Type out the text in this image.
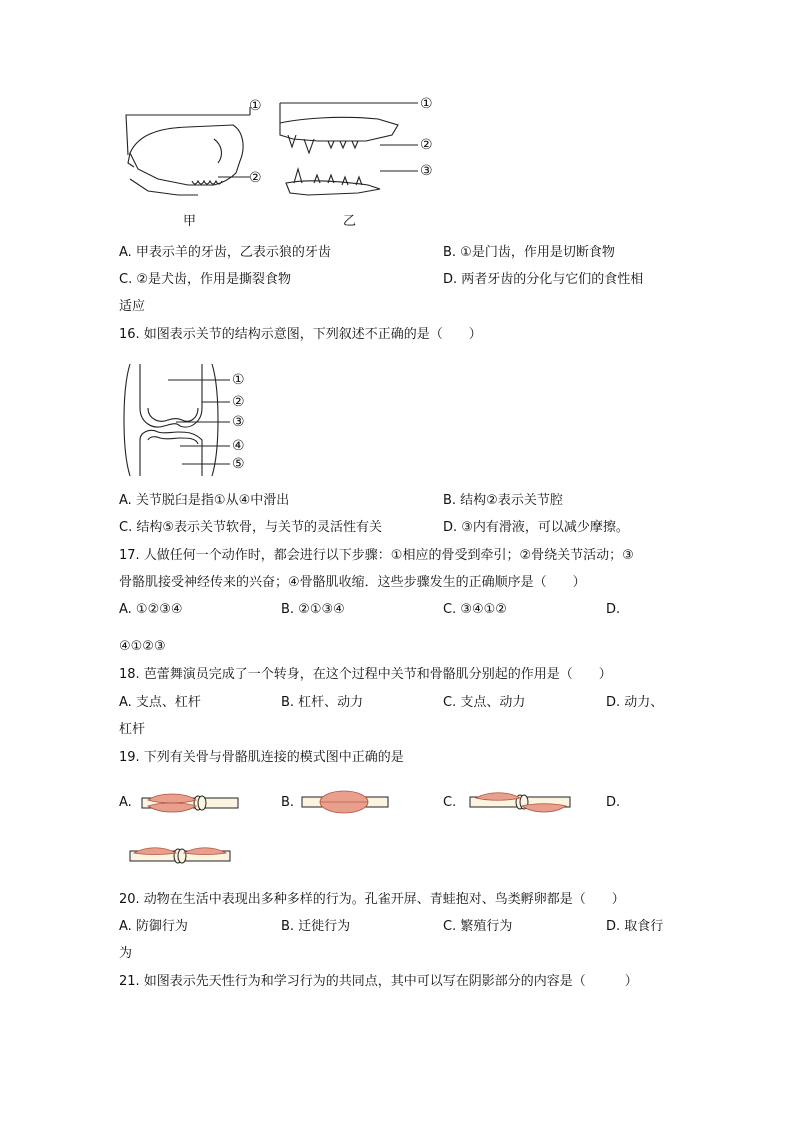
①
②
①
②
③
甲	乙
A. 甲表示羊的牙齿，乙表示狼的牙齿	B. ①是门齿，作用是切断食物
C. ②是犬齿，作用是撕裂食物	D. 两者牙齿的分化与它们的食性相
适应
16. 如图表示关节的结构示意图，下列叙述不正确的是（　　）
①
②
③
④
⑤
A. 关节脱臼是指①从④中滑出	B. 结构②表示关节腔
C. 结构⑤表示关节软骨，与关节的灵活性有关	D. ③内有滑液，可以减少摩擦。
17. 人做任何一个动作时，都会进行以下步骤：①相应的骨受到牵引；②骨绕关节活动；③
骨骼肌接受神经传来的兴奋；④骨骼肌收缩．这些步骤发生的正确顺序是（　　）
A. ①②③④	B. ②①③④	C. ③④①②	D.
④①②③
18. 芭蕾舞演员完成了一个转身，在这个过程中关节和骨骼肌分别起的作用是（　　）
A. 支点、杠杆	B. 杠杆、动力	C. 支点、动力	D. 动力、
杠杆
19. 下列有关骨与骨骼肌连接的模式图中正确的是
A.	B.	C.	D.
20. 动物在生活中表现出多种多样的行为。孔雀开屏、青蛙抱对、鸟类孵卵都是（　　）
A. 防御行为	B. 迁徙行为	C. 繁殖行为	D. 取食行
为
21. 如图表示先天性行为和学习行为的共同点，其中可以写在阴影部分的内容是（　　　）
